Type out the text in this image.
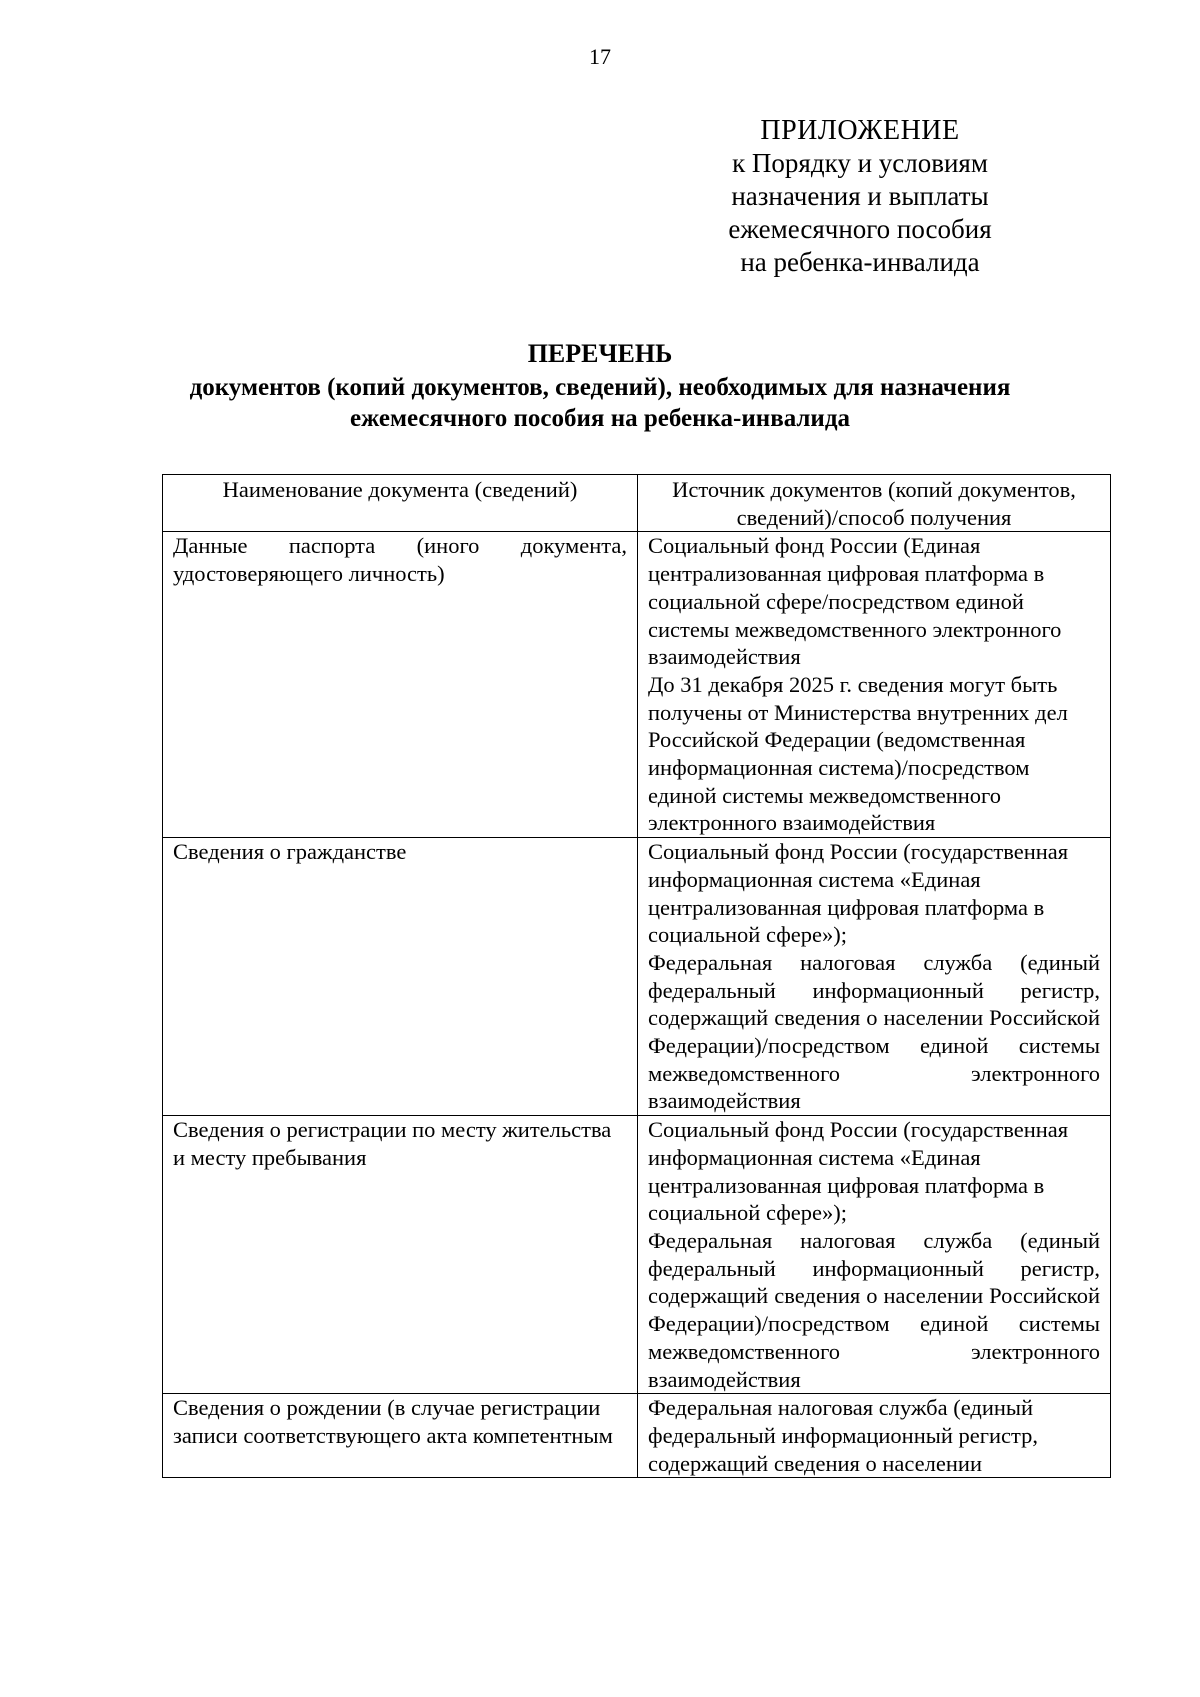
17
ПРИЛОЖЕНИЕ
к Порядку и условиям
назначения и выплаты
ежемесячного пособия
на ребенка-инвалида
ПЕРЕЧЕНЬ
документов (копий документов, сведений), необходимых для назначения
ежемесячного пособия на ребенка-инвалида
Наименование документа (сведений)	Источник документов (копий документов, сведений)/способ получения
Данные паспорта (иного документа, удостоверяющего личность)	Социальный фонд России (Единая централизованная цифровая платформа в социальной сфере/посредством единой системы межведомственного электронного взаимодействия
До 31 декабря 2025 г. сведения могут быть получены от Министерства внутренних дел Российской Федерации (ведомственная информационная система)/посредством единой системы межведомственного электронного взаимодействия

Сведения о гражданстве	Социальный фонд России (государственная информационная система «Единая централизованная цифровая платформа в социальной сфере»);
Федеральная налоговая служба (единый федеральный информационный регистр, содержащий сведения о населении Российской Федерации)/посредством единой системы межведомственного электронного взаимодействия

Сведения о регистрации по месту жительства и месту пребывания	Социальный фонд России (государственная информационная система «Единая централизованная цифровая платформа в социальной сфере»);
Федеральная налоговая служба (единый федеральный информационный регистр, содержащий сведения о населении Российской Федерации)/посредством единой системы межведомственного электронного взаимодействия

Сведения о рождении (в случае регистрации записи соответствующего акта компетентным	Федеральная налоговая служба (единый федеральный информационный регистр, содержащий сведения о населении
